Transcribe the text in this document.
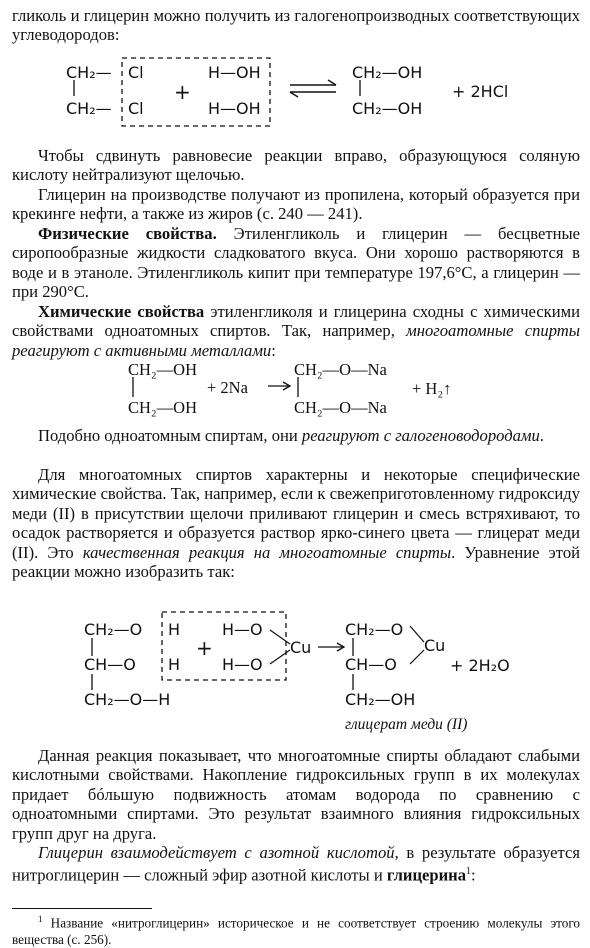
гликоль и глицерин можно получить из галогенопроизводных соответствующих углеводородов:

CH₂— Cl
CH₂— Cl
+
H— OH
H— OH
CH₂—OH
CH₂—OH
+ 2HCl

Чтобы сдвинуть равновесие реакции вправо, образующуюся соляную кислоту нейтрализуют щелочью.

Глицерин на производстве получают из пропилена, который образуется при крекинге нефти, а также из жиров (с. 240 — 241).

Физические свойства. Этиленгликоль и глицерин — бесцветные сиропообразные жидкости сладковатого вкуса. Они хорошо растворяются в воде и в этаноле. Этиленгликоль кипит при температуре 197,6°C, а глицерин — при 290°C.

Химические свойства этиленгликоля и глицерина сходны с химическими свойствами одноатомных спиртов. Так, например, многоатомные спирты реагируют с активными металлами:

CH₂—OH
CH₂—OH
+ 2Na
CH₂—O—Na
CH₂—O—Na
+ H₂↑

Подобно одноатомным спиртам, они реагируют с галогеноводородами.

Для многоатомных спиртов характерны и некоторые специфические химические свойства. Так, например, если к свежеприготовленному гидроксиду меди (II) в присутствии щелочи приливают глицерин и смесь встряхивают, то осадок растворяется и образуется раствор ярко-синего цвета — глицерат меди (II). Это качественная реакция на многоатомные спирты. Уравнение этой реакции можно изобразить так:

CH₂—O
CH—O
CH₂—O—H
H
H
+
H—O
H—O
Cu
CH₂—O
CH—O
CH₂—OH
Cu
+ 2H₂O
глицерат меди (II)

Данная реакция показывает, что многоатомные спирты обладают слабыми кислотными свойствами. Накопление гидроксильных групп в их молекулах придает бóльшую подвижность атомам водорода по сравнению с одноатомными спиртами. Это результат взаимного влияния гидроксильных групп друг на друга.

Глицерин взаимодействует с азотной кислотой, в результате образуется нитроглицерин — сложный эфир азотной кислоты и глицерина$^1$:

$^1$ Название «нитроглицерин» историческое и не соответствует строению молекулы этого вещества (с. 256).
